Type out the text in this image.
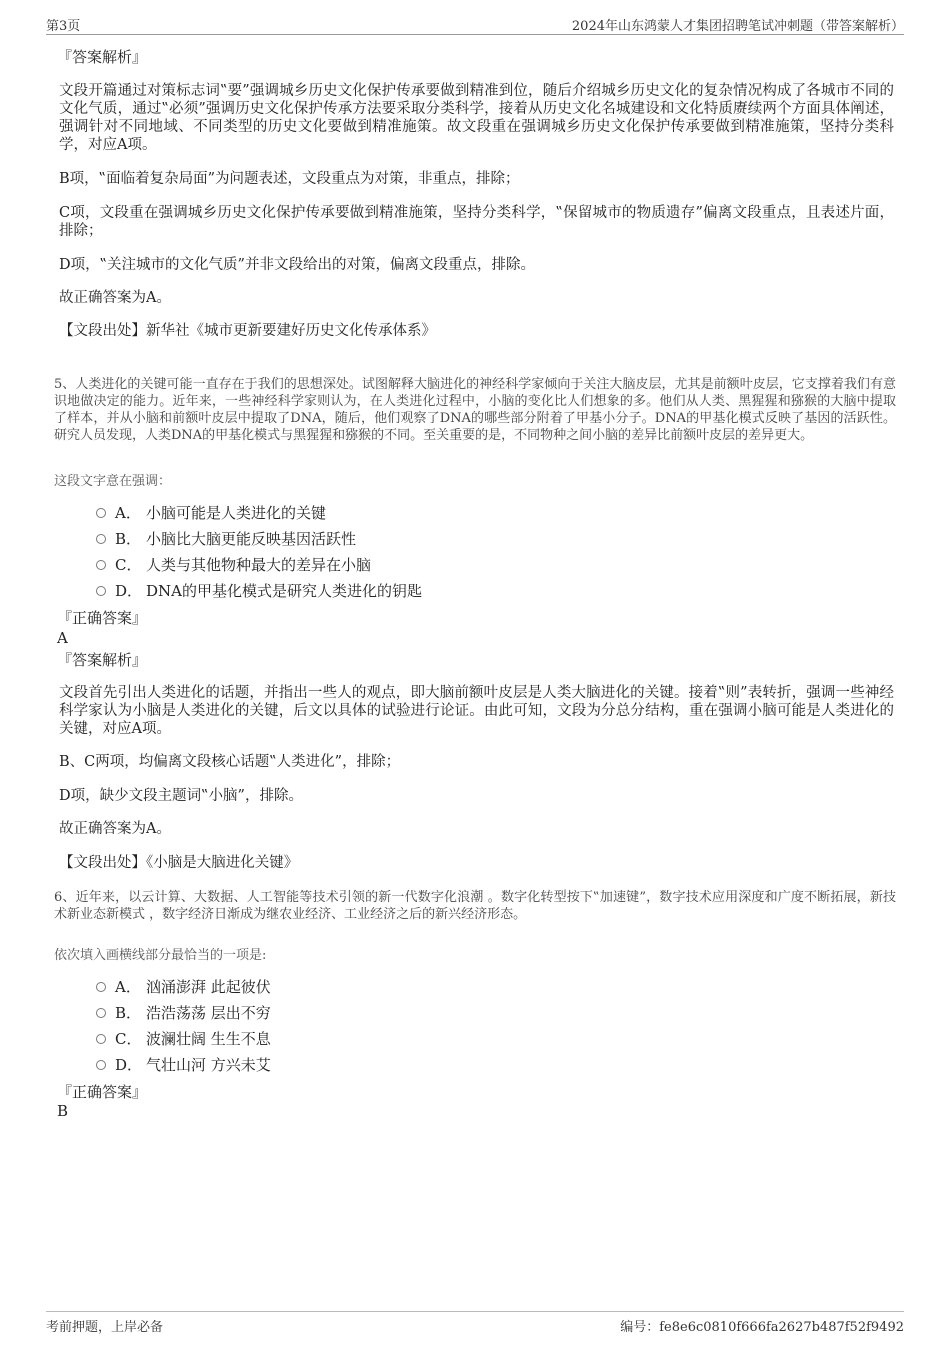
第3页	2024年山东鸿蒙人才集团招聘笔试冲刺题（带答案解析）

『答案解析』

文段开篇通过对策标志词‟要”强调城乡历史文化保护传承要做到精准到位，随后介绍城乡历史文化的复杂情况构成了各城市不同的文化气质，通过‟必须”强调历史文化保护传承方法要采取分类科学，接着从历史文化名城建设和文化特质赓续两个方面具体阐述，强调针对不同地域、不同类型的历史文化要做到精准施策。故文段重在强调城乡历史文化保护传承要做到精准施策，坚持分类科学，对应A项。

B项，‟面临着复杂局面”为问题表述，文段重点为对策，非重点，排除；

C项，文段重在强调城乡历史文化保护传承要做到精准施策，坚持分类科学，‟保留城市的物质遗存”偏离文段重点，且表述片面，排除；

D项，‟关注城市的文化气质”并非文段给出的对策，偏离文段重点，排除。

故正确答案为A。

【文段出处】新华社《城市更新要建好历史文化传承体系》

5、人类进化的关键可能一直存在于我们的思想深处。试图解释大脑进化的神经科学家倾向于关注大脑皮层，尤其是前额叶皮层，它支撑着我们有意识地做决定的能力。近年来，一些神经科学家则认为，在人类进化过程中，小脑的变化比人们想象的多。他们从人类、黑猩猩和猕猴的大脑中提取了样本，并从小脑和前额叶皮层中提取了DNA，随后，他们观察了DNA的哪些部分附着了甲基小分子。DNA的甲基化模式反映了基因的活跃性。研究人员发现，人类DNA的甲基化模式与黑猩猩和猕猴的不同。至关重要的是，不同物种之间小脑的差异比前额叶皮层的差异更大。

这段文字意在强调：

A． 小脑可能是人类进化的关键
B． 小脑比大脑更能反映基因活跃性
C． 人类与其他物种最大的差异在小脑
D． DNA的甲基化模式是研究人类进化的钥匙

『正确答案』

A

『答案解析』

文段首先引出人类进化的话题，并指出一些人的观点，即大脑前额叶皮层是人类大脑进化的关键。接着‟则”表转折，强调一些神经科学家认为小脑是人类进化的关键，后文以具体的试验进行论证。由此可知，文段为分总分结构，重在强调小脑可能是人类进化的关键，对应A项。

B、C两项，均偏离文段核心话题‟人类进化”，排除；

D项，缺少文段主题词‟小脑”，排除。

故正确答案为A。

【文段出处】《小脑是大脑进化关键》

6、近年来，以云计算、大数据、人工智能等技术引领的新一代数字化浪潮 。数字化转型按下‟加速键”，数字技术应用深度和广度不断拓展，新技术新业态新模式 ，数字经济日渐成为继农业经济、工业经济之后的新兴经济形态。

依次填入画横线部分最恰当的一项是:

A． 汹涌澎湃 此起彼伏
B． 浩浩荡荡 层出不穷
C． 波澜壮阔 生生不息
D． 气壮山河 方兴未艾

『正确答案』

B

考前押题，上岸必备	编号：fe8e6c0810f666fa2627b487f52f9492
